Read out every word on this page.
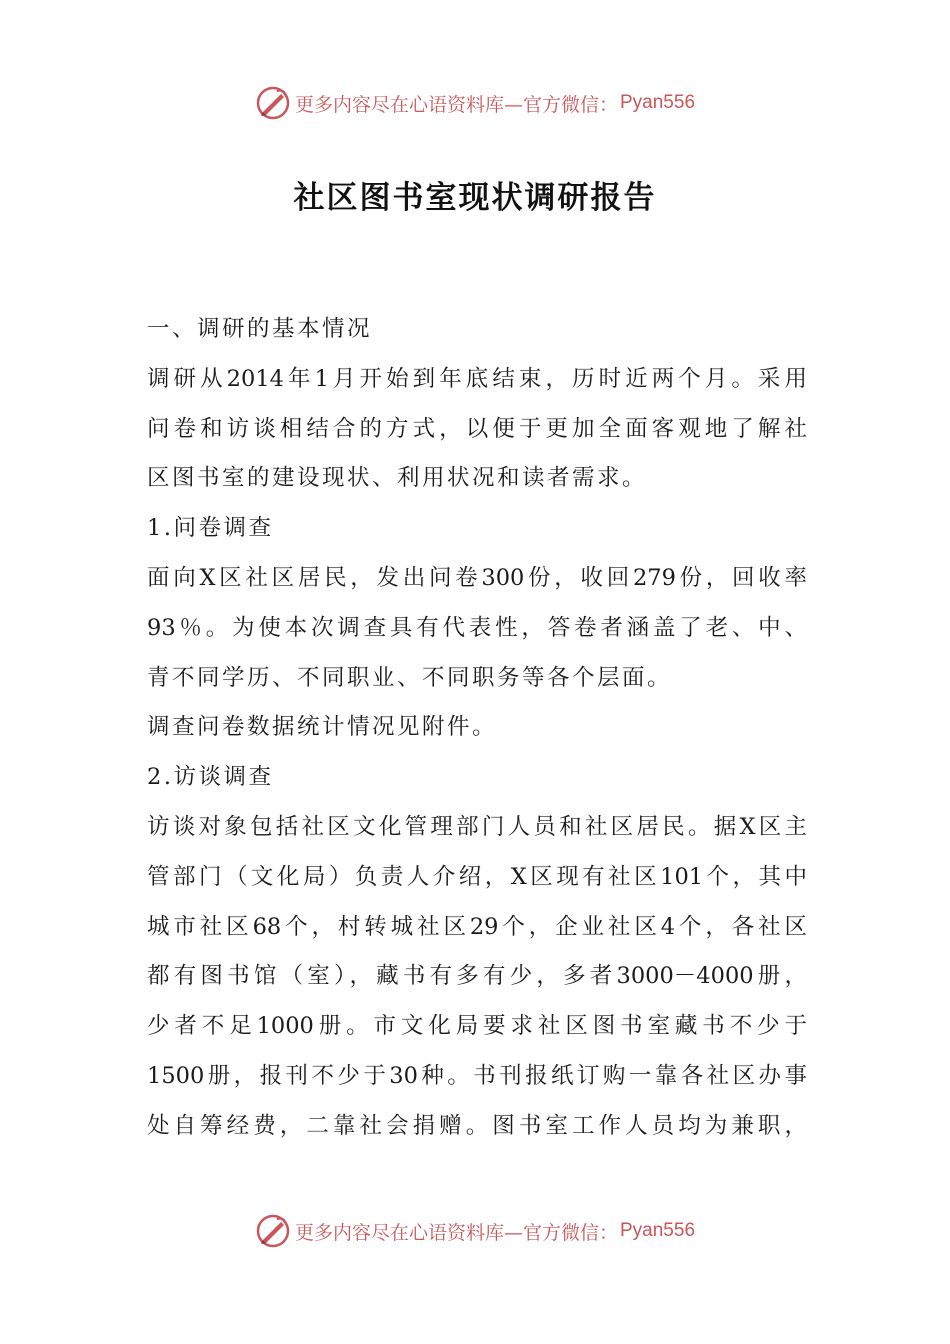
更多内容尽在心语资料库—官方微信： Pyan556
社区图书室现状调研报告
一、调研的基本情况
调研从2014年1月开始到年底结束，历时近两个月。采用
问卷和访谈相结合的方式，以便于更加全面客观地了解社
区图书室的建设现状、利用状况和读者需求。
1.问卷调查
面向X区社区居民，发出问卷300份，收回279份，回收率
93％。为使本次调查具有代表性，答卷者涵盖了老、中、
青不同学历、不同职业、不同职务等各个层面。
调查问卷数据统计情况见附件。
2.访谈调查
访谈对象包括社区文化管理部门人员和社区居民。据X区主
管部门（文化局）负责人介绍，X区现有社区101个，其中
城市社区68个，村转城社区29个，企业社区4个，各社区
都有图书馆（室），藏书有多有少，多者3000－4000册，
少者不足1000册。市文化局要求社区图书室藏书不少于
1500册，报刊不少于30种。书刊报纸订购一靠各社区办事
处自筹经费，二靠社会捐赠。图书室工作人员均为兼职，
更多内容尽在心语资料库—官方微信： Pyan556
